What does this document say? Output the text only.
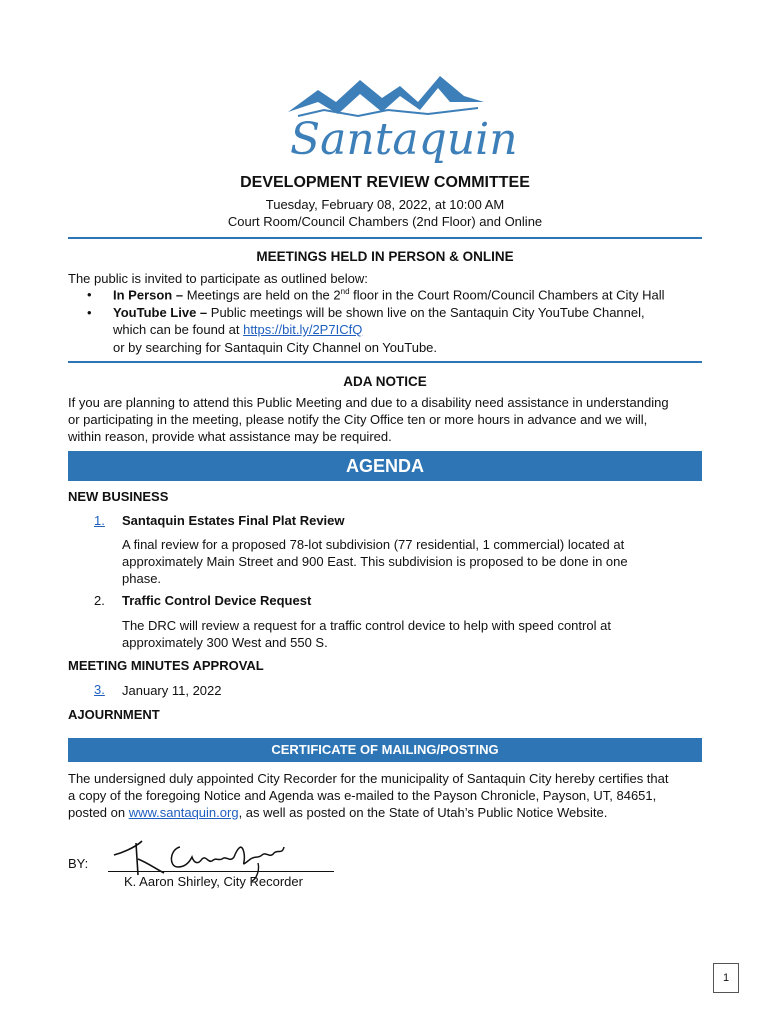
Santaquin
DEVELOPMENT REVIEW COMMITTEE
Tuesday, February 08, 2022, at 10:00 AM
Court Room/Council Chambers (2nd Floor) and Online
MEETINGS HELD IN PERSON & ONLINE
The public is invited to participate as outlined below:
• In Person – Meetings are held on the 2nd floor in the Court Room/Council Chambers at City Hall
• YouTube Live – Public meetings will be shown live on the Santaquin City YouTube Channel,
which can be found at https://bit.ly/2P7ICfQ
or by searching for Santaquin City Channel on YouTube.
ADA NOTICE
If you are planning to attend this Public Meeting and due to a disability need assistance in understanding
or participating in the meeting, please notify the City Office ten or more hours in advance and we will,
within reason, provide what assistance may be required.
AGENDA
NEW BUSINESS
1. Santaquin Estates Final Plat Review
A final review for a proposed 78-lot subdivision (77 residential, 1 commercial) located at
approximately Main Street and 900 East. This subdivision is proposed to be done in one
phase.
2. Traffic Control Device Request
The DRC will review a request for a traffic control device to help with speed control at
approximately 300 West and 550 S.
MEETING MINUTES APPROVAL
3. January 11, 2022
AJOURNMENT
CERTIFICATE OF MAILING/POSTING
The undersigned duly appointed City Recorder for the municipality of Santaquin City hereby certifies that
a copy of the foregoing Notice and Agenda was e-mailed to the Payson Chronicle, Payson, UT, 84651,
posted on www.santaquin.org, as well as posted on the State of Utah’s Public Notice Website.
BY:
K. Aaron Shirley, City Recorder
1
